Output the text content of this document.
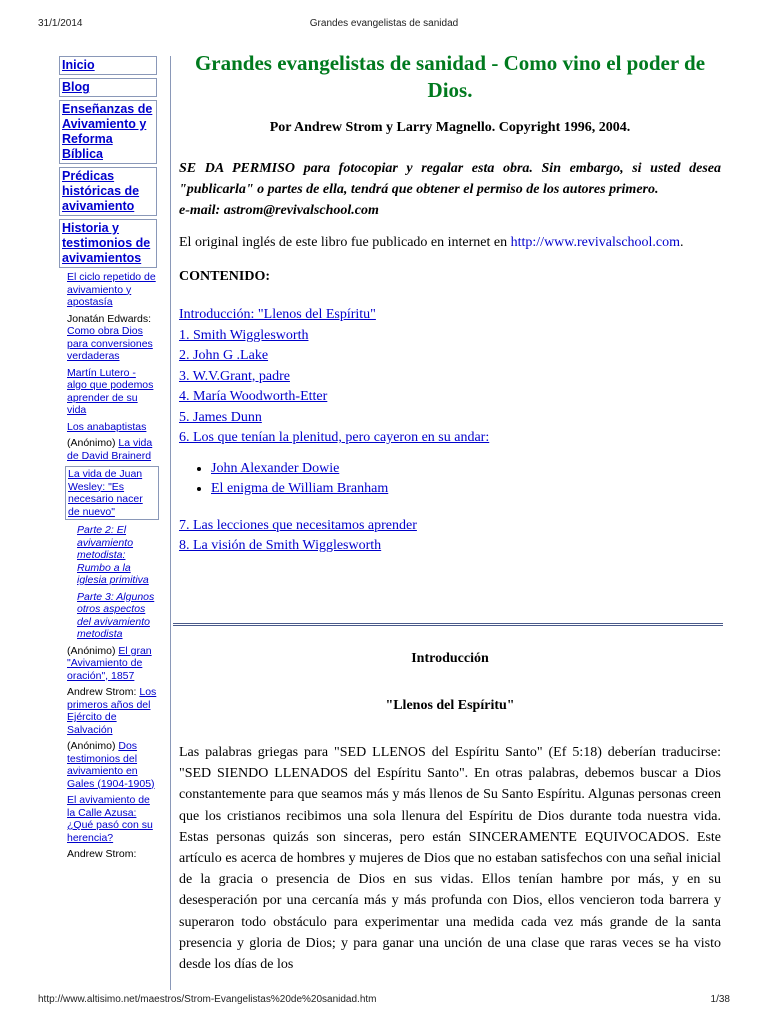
Grandes evangelistas de sanidad
31/1/2014
Inicio
Blog
Enseñanzas de Avivamiento y Reforma Bíblica
Prédicas históricas de avivamiento
Historia y testimonios de avivamientos
El ciclo repetido de avivamiento y apostasía
Jonatán Edwards: Como obra Dios para conversiones verdaderas
Martín Lutero - algo que podemos aprender de su vida
Los anabaptistas
(Anónimo) La vida de David Brainerd
La vida de Juan Wesley: "Es necesario nacer de nuevo"
Parte 2: El avivamiento metodista: Rumbo a la iglesia primitiva
Parte 3: Algunos otros aspectos del avivamiento metodista
(Anónimo) El gran "Avivamiento de oración", 1857
Andrew Strom: Los primeros años del Ejército de Salvación
(Anónimo) Dos testimonios del avivamiento en Gales (1904-1905)
El avivamiento de la Calle Azusa: ¿Qué pasó con su herencia?
Andrew Strom:
Grandes evangelistas de sanidad - Como vino el poder de Dios.

Por Andrew Strom y Larry Magnello. Copyright 1996, 2004.

SE DA PERMISO para fotocopiar y regalar esta obra. Sin embargo, si usted desea "publicarla" o partes de ella, tendrá que obtener el permiso de los autores primero.

e-mail: astrom@revivalschool.com

El original inglés de este libro fue publicado en internet en http://www.revivalschool.com.

CONTENIDO:

Introducción: "Llenos del Espíritu"
1. Smith Wigglesworth
2. John G .Lake
3. W.V.Grant, padre
4. María Woodworth-Etter
5. James Dunn
6. Los que tenían la plenitud, pero cayeron en su andar:
• John Alexander Dowie
• El enigma de William Branham
7. Las lecciones que necesitamos aprender
8. La visión de Smith Wigglesworth
Introducción
"Llenos del Espíritu"

Las palabras griegas para "SED LLENOS del Espíritu Santo" (Ef 5:18) deberían traducirse: "SED SIENDO LLENADOS del Espíritu Santo". En otras palabras, debemos buscar a Dios constantemente para que seamos más y más llenos de Su Santo Espíritu. Algunas personas creen que los cristianos recibimos una sola llenura del Espíritu de Dios durante toda nuestra vida. Estas personas quizás son sinceras, pero están SINCERAMENTE EQUIVOCADOS. Este artículo es acerca de hombres y mujeres de Dios que no estaban satisfechos con una señal inicial de la gracia o presencia de Dios en sus vidas. Ellos tenían hambre por más, y en su desesperación por una cercanía más y más profunda con Dios, ellos vencieron toda barrera y superaron todo obstáculo para experimentar una medida cada vez más grande de la santa presencia y gloria de Dios; y para ganar una unción de una clase que raras veces se ha visto desde los días de los

http://www.altisimo.net/maestros/Strom-Evangelistas%20de%20sanidad.htm	1/38
